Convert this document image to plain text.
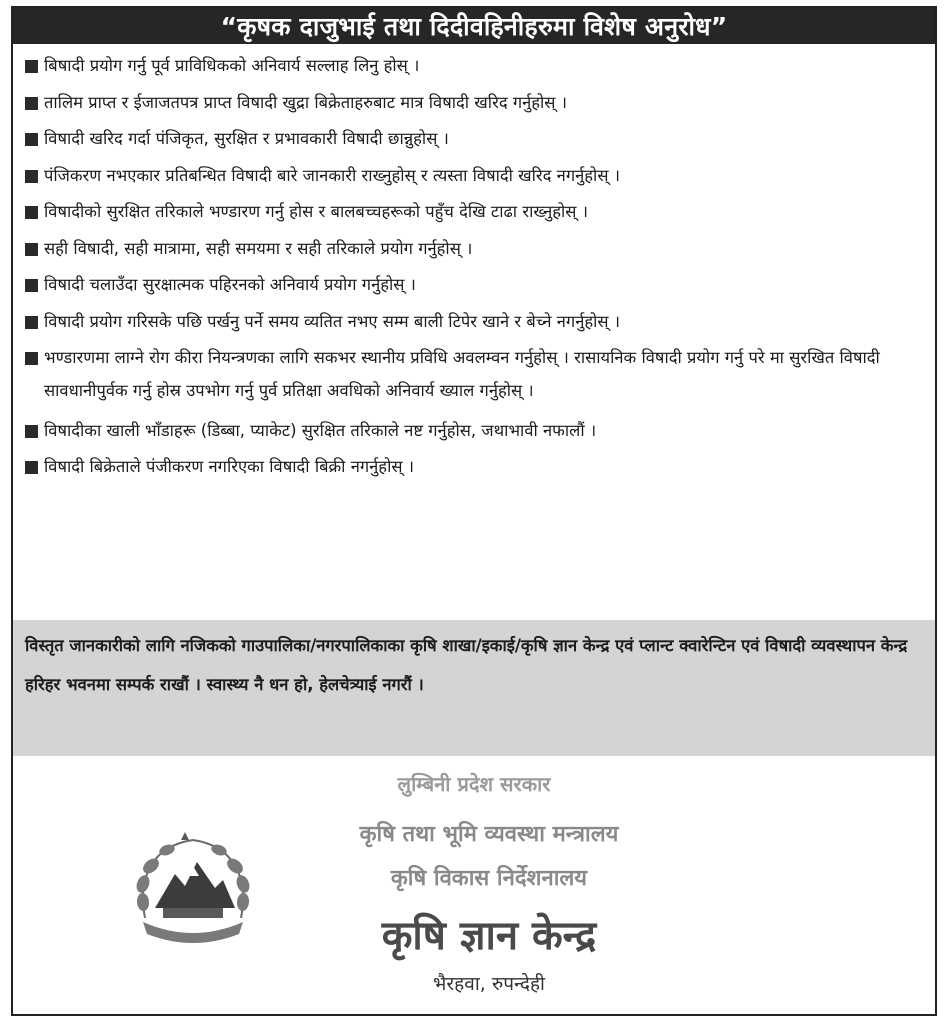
“कृषक दाजुभाई तथा दिदीवहिनीहरुमा विशेष अनुरोध”
बिषादी प्रयोग गर्नु पूर्व प्राविधिकको अनिवार्य सल्लाह लिनु होस् ।
तालिम प्राप्त र ईजाजतपत्र प्राप्त विषादी खुद्रा बिक्रेताहरुबाट मात्र विषादी खरिद गर्नुहोस् ।
विषादी खरिद गर्दा पंजिकृत, सुरक्षित र प्रभावकारी विषादी छान्नुहोस् ।
पंजिकरण नभएकार प्रतिबन्धित विषादी बारे जानकारी राख्नुहोस् र त्यस्ता विषादी खरिद नगर्नुहोस् ।
विषादीको सुरक्षित तरिकाले भण्डारण गर्नु होस र बालबच्चहरूको पहुँच देखि टाढा राख्नुहोस् ।
सही विषादी, सही मात्रामा, सही समयमा र सही तरिकाले प्रयोग गर्नुहोस् ।
विषादी चलाउँदा सुरक्षात्मक पहिरनको अनिवार्य प्रयोग गर्नुहोस् ।
विषादी प्रयोग गरिसके पछि पर्खनु पर्ने समय व्यतित नभए सम्म बाली टिपेर खाने र बेच्ने नगर्नुहोस् ।
भण्डारणमा लाग्ने रोग कीरा नियन्त्रणका लागि सकभर स्थानीय प्रविधि अवलम्वन गर्नुहोस् । रासायनिक विषादी प्रयोग गर्नु परे मा सुरखित विषादी सावधानीपुर्वक गर्नु होस्र उपभोग गर्नु पुर्व प्रतिक्षा अवधिको अनिवार्य ख्याल गर्नुहोस् ।
विषादीका खाली भाँडाहरू (डिब्बा, प्याकेट) सुरक्षित तरिकाले नष्ट गर्नुहोस, जथाभावी नफालौं ।
विषादी बिक्रेताले पंजीकरण नगरिएका विषादी बिक्री नगर्नुहोस् ।
विस्तृत जानकारीको लागि नजिकको गाउपालिका/नगरपालिकाका कृषि शाखा/इकाई/कृषि ज्ञान केन्द्र एवं प्लान्ट क्वारेन्टिन एवं विषादी व्यवस्थापन केन्द्र हरिहर भवनमा सम्पर्क राखौं । स्वास्थ्य नै धन हो, हेलचेत्र्याई नगरौं ।
लुम्बिनी प्रदेश सरकार
कृषि तथा भूमि व्यवस्था मन्त्रालय
कृषि विकास निर्देशनालय
कृषि ज्ञान केन्द्र
भैरहवा, रुपन्देही
